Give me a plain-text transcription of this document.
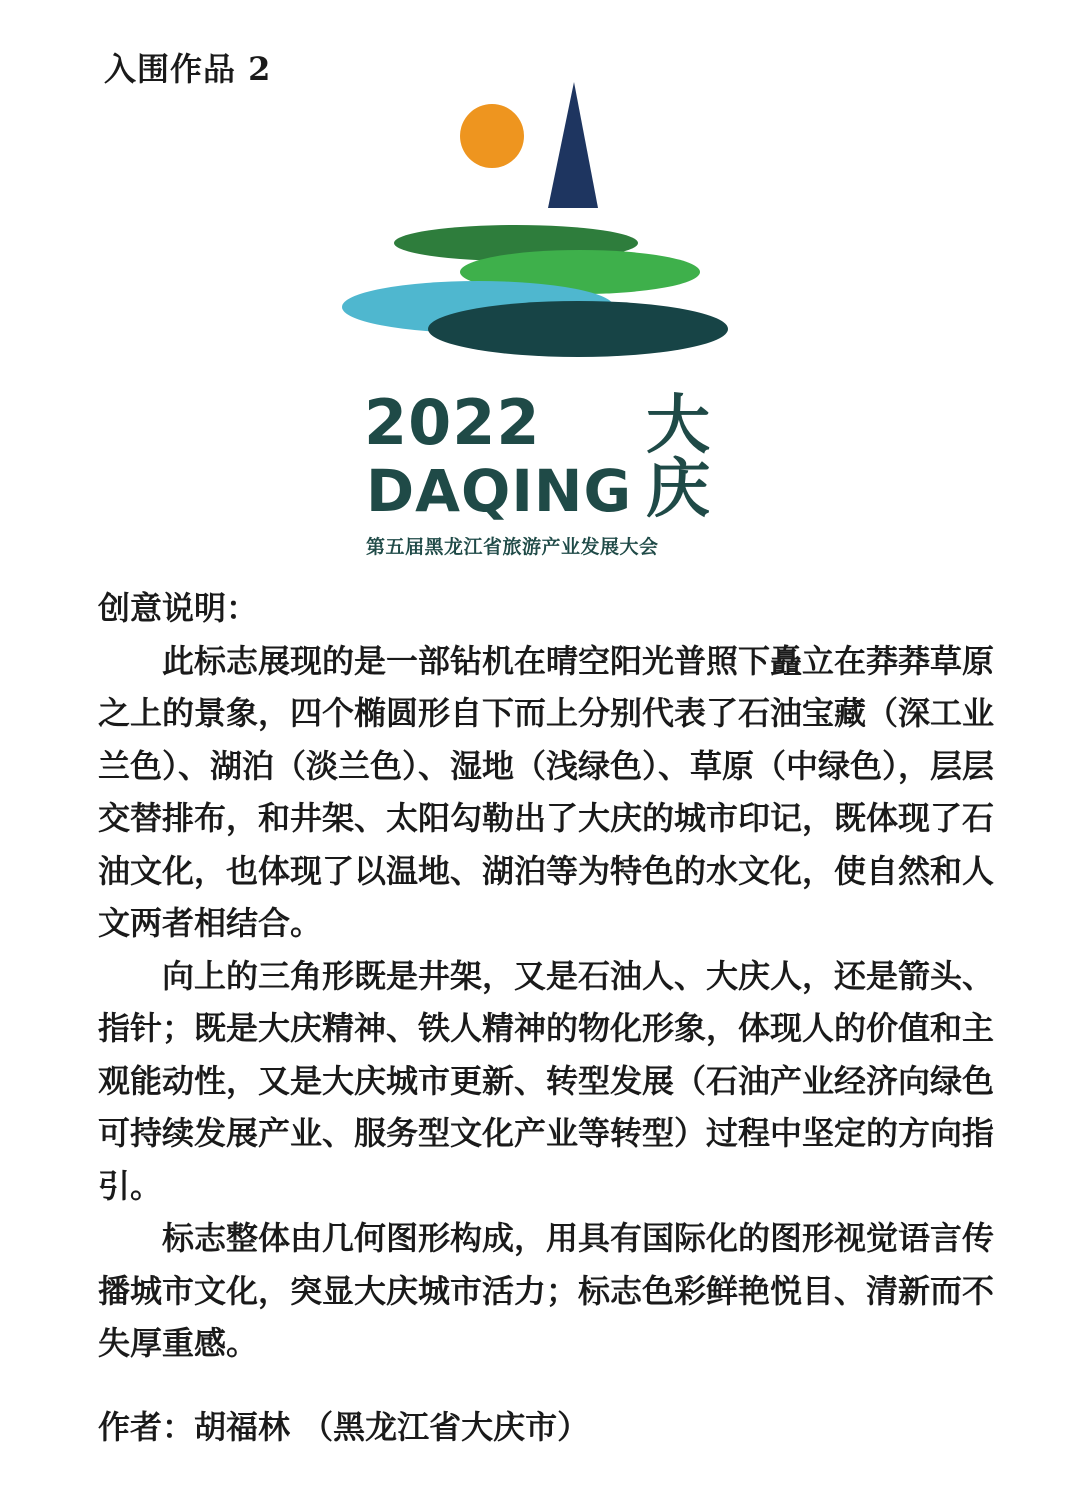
入围作品 2
2022
DAQING
大
庆
第五届黑龙江省旅游产业发展大会
创意说明：

此标志展现的是一部钻机在晴空阳光普照下矗立在莽莽草原之上的景象，四个椭圆形自下而上分别代表了石油宝藏（深工业兰色）、湖泊（淡兰色）、湿地（浅绿色）、草原（中绿色），层层交替排布，和井架、太阳勾勒出了大庆的城市印记，既体现了石油文化，也体现了以温地、湖泊等为特色的水文化，使自然和人文两者相结合。

向上的三角形既是井架，又是石油人、大庆人，还是箭头、指针；既是大庆精神、铁人精神的物化形象，体现人的价值和主观能动性，又是大庆城市更新、转型发展（石油产业经济向绿色可持续发展产业、服务型文化产业等转型）过程中坚定的方向指引。

标志整体由几何图形构成，用具有国际化的图形视觉语言传播城市文化，突显大庆城市活力；标志色彩鲜艳悦目、清新而不失厚重感。

作者：胡福林 （黑龙江省大庆市）
